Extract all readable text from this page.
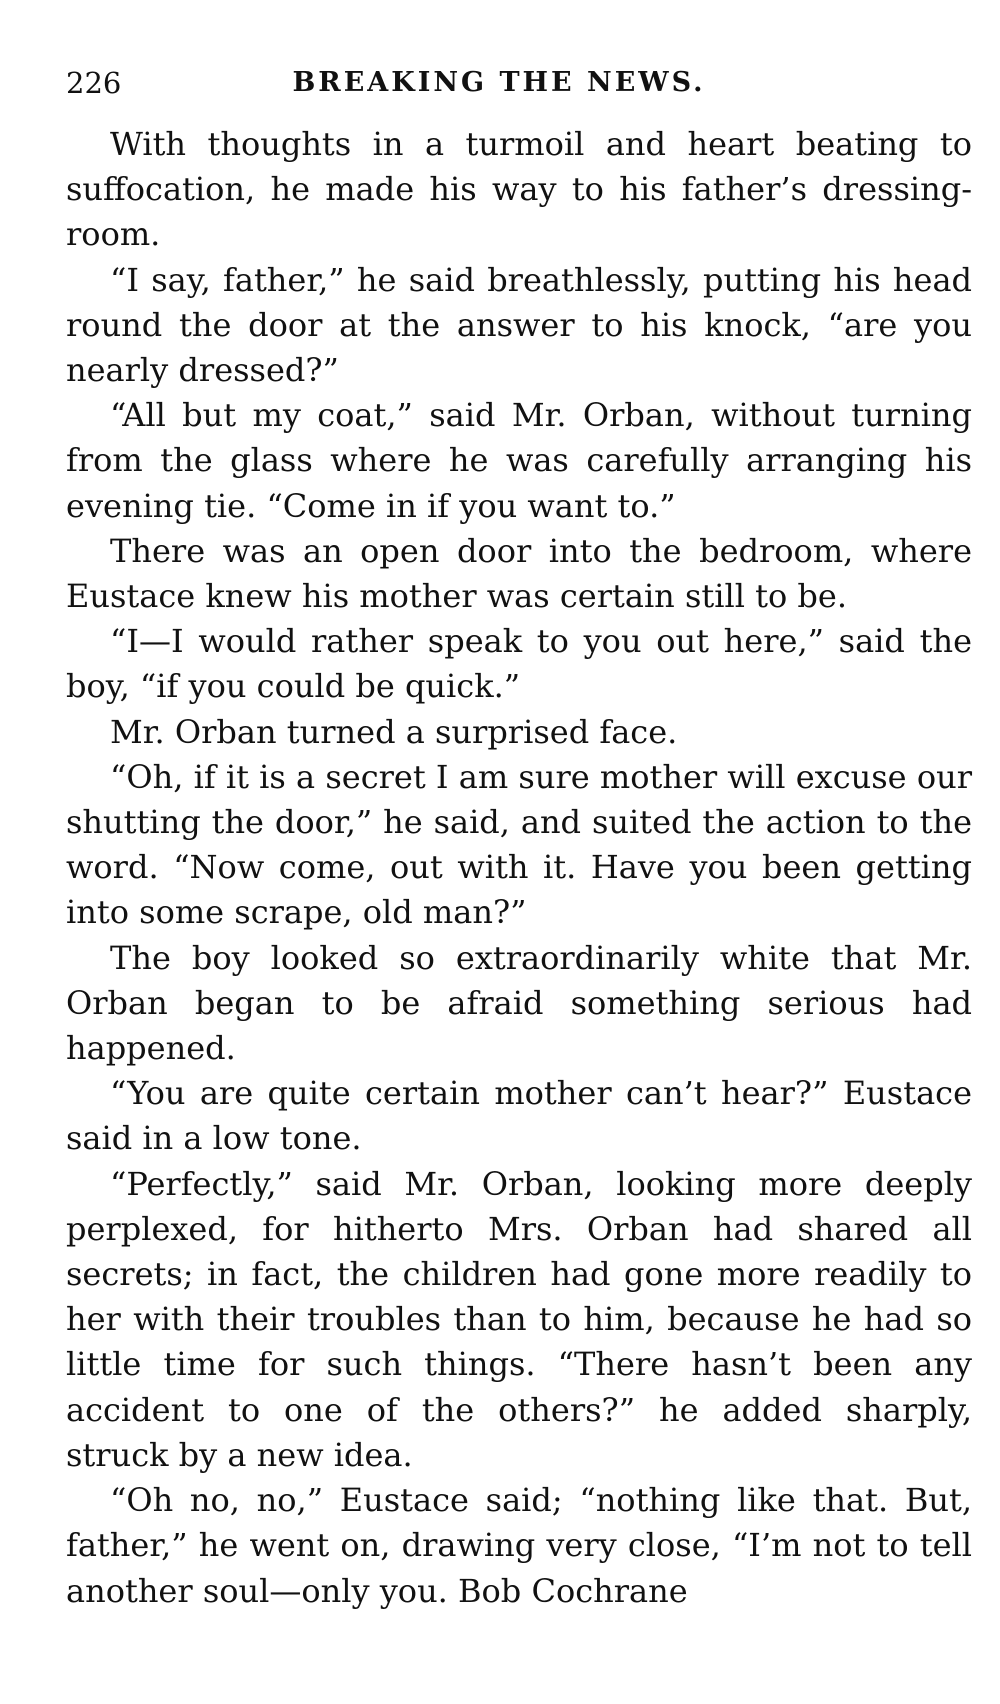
226	BREAKING THE NEWS.

With thoughts in a turmoil and heart beating to suffocation, he made his way to his father’s dressing-room.

“I say, father,” he said breathlessly, putting his head round the door at the answer to his knock, “are you nearly dressed?”

“All but my coat,” said Mr. Orban, without turning from the glass where he was carefully arranging his evening tie. “Come in if you want to.”

There was an open door into the bedroom, where Eustace knew his mother was certain still to be.

“I—I would rather speak to you out here,” said the boy, “if you could be quick.”

Mr. Orban turned a surprised face.

“Oh, if it is a secret I am sure mother will excuse our shutting the door,” he said, and suited the action to the word. “Now come, out with it. Have you been getting into some scrape, old man?”

The boy looked so extraordinarily white that Mr. Orban began to be afraid something serious had happened.

“You are quite certain mother can’t hear?” Eustace said in a low tone.

“Perfectly,” said Mr. Orban, looking more deeply perplexed, for hitherto Mrs. Orban had shared all secrets; in fact, the children had gone more readily to her with their troubles than to him, because he had so little time for such things. “There hasn’t been any accident to one of the others?” he added sharply, struck by a new idea.

“Oh no, no,” Eustace said; “nothing like that. But, father,” he went on, drawing very close, “I’m not to tell another soul—only you. Bob Cochrane
